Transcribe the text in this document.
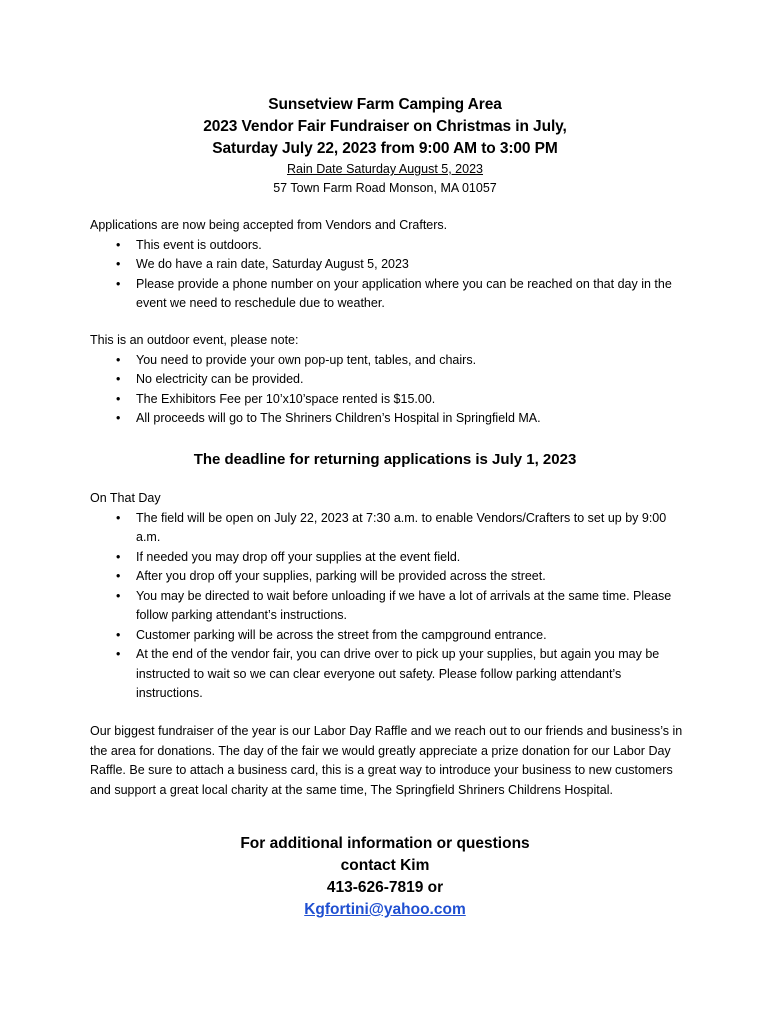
Sunsetview Farm Camping Area
2023 Vendor Fair Fundraiser on Christmas in July,
Saturday July 22, 2023 from 9:00 AM to 3:00 PM
Rain Date Saturday August 5, 2023
57 Town Farm Road Monson, MA 01057

Applications are now being accepted from Vendors and Crafters.

• This event is outdoors.
• We do have a rain date, Saturday August 5, 2023
• Please provide a phone number on your application where you can be reached on that day in the event we need to reschedule due to weather.

This is an outdoor event, please note:

• You need to provide your own pop-up tent, tables, and chairs.
• No electricity can be provided.
• The Exhibitors Fee per 10’x10’space rented is $15.00.
• All proceeds will go to The Shriners Children’s Hospital in Springfield MA.
The deadline for returning applications is July 1, 2023

On That Day

• The field will be open on July 22, 2023 at 7:30 a.m. to enable Vendors/Crafters to set up by 9:00 a.m.
• If needed you may drop off your supplies at the event field.
• After you drop off your supplies, parking will be provided across the street.
• You may be directed to wait before unloading if we have a lot of arrivals at the same time. Please follow parking attendant’s instructions.
• Customer parking will be across the street from the campground entrance.
• At the end of the vendor fair, you can drive over to pick up your supplies, but again you may be instructed to wait so we can clear everyone out safety. Please follow parking attendant’s instructions.

Our biggest fundraiser of the year is our Labor Day Raffle and we reach out to our friends and business’s in the area for donations. The day of the fair we would greatly appreciate a prize donation for our Labor Day Raffle. Be sure to attach a business card, this is a great way to introduce your business to new customers and support a great local charity at the same time, The Springfield Shriners Childrens Hospital.

For additional information or questions
contact Kim
413-626-7819 or
Kgfortini@yahoo.com
